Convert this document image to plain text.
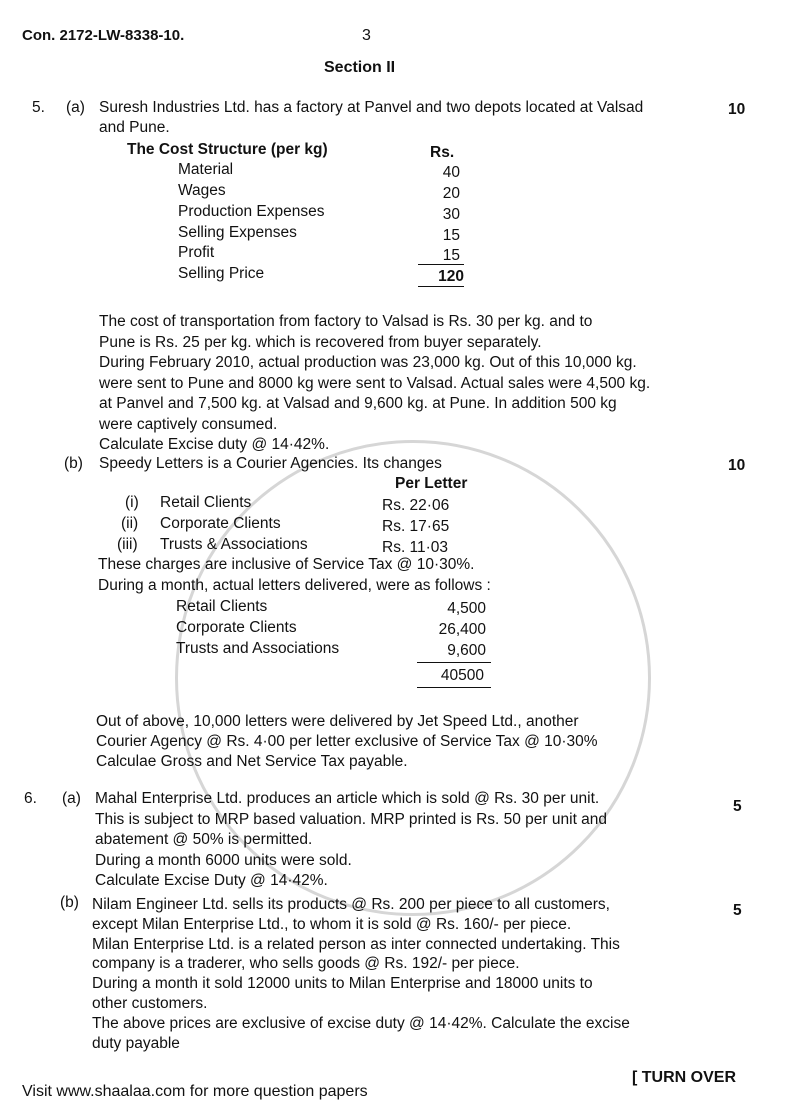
Con. 2172-LW-8338-10.	3
Section II
5. (a) Suresh Industries Ltd. has a factory at Panvel and two depots located at Valsad
and Pune.
10
The Cost Structure (per kg)	Rs.
Material	40
Wages	20
Production Expenses	30
Selling Expenses	15
Profit	15
Selling Price	120
The cost of transportation from factory to Valsad is Rs. 30 per kg. and to
Pune is Rs. 25 per kg. which is recovered from buyer separately.
During February 2010, actual production was 23,000 kg. Out of this 10,000 kg.
were sent to Pune and 8000 kg were sent to Valsad. Actual sales were 4,500 kg.
at Panvel and 7,500 kg. at Valsad and 9,600 kg. at Pune. In addition 500 kg
were captively consumed.
Calculate Excise duty @ 14·42%.
(b) Speedy Letters is a Courier Agencies. Its changes	10
Per Letter
(i) Retail Clients	Rs. 22·06
(ii) Corporate Clients	Rs. 17·65
(iii) Trusts & Associations	Rs. 11·03
These charges are inclusive of Service Tax @ 10·30%.
During a month, actual letters delivered, were as follows :
Retail Clients	4,500
Corporate Clients	26,400
Trusts and Associations	9,600
40500
Out of above, 10,000 letters were delivered by Jet Speed Ltd., another
Courier Agency @ Rs. 4·00 per letter exclusive of Service Tax @ 10·30%
Calculae Gross and Net Service Tax payable.
6. (a)	5
Mahal Enterprise Ltd. produces an article which is sold @ Rs. 30 per unit.
This is subject to MRP based valuation. MRP printed is Rs. 50 per unit and
abatement @ 50% is permitted.
During a month 6000 units were sold.
Calculate Excise Duty @ 14·42%.
(b)	5
Nilam Engineer Ltd. sells its products @ Rs. 200 per piece to all customers,
except Milan Enterprise Ltd., to whom it is sold @ Rs. 160/- per piece.
Milan Enterprise Ltd. is a related person as inter connected undertaking. This
company is a traderer, who sells goods @ Rs. 192/- per piece.
During a month it sold 12000 units to Milan Enterprise and 18000 units to
other customers.
The above prices are exclusive of excise duty @ 14·42%. Calculate the excise
duty payable
Visit www.shaalaa.com for more question papers
[ TURN OVER
